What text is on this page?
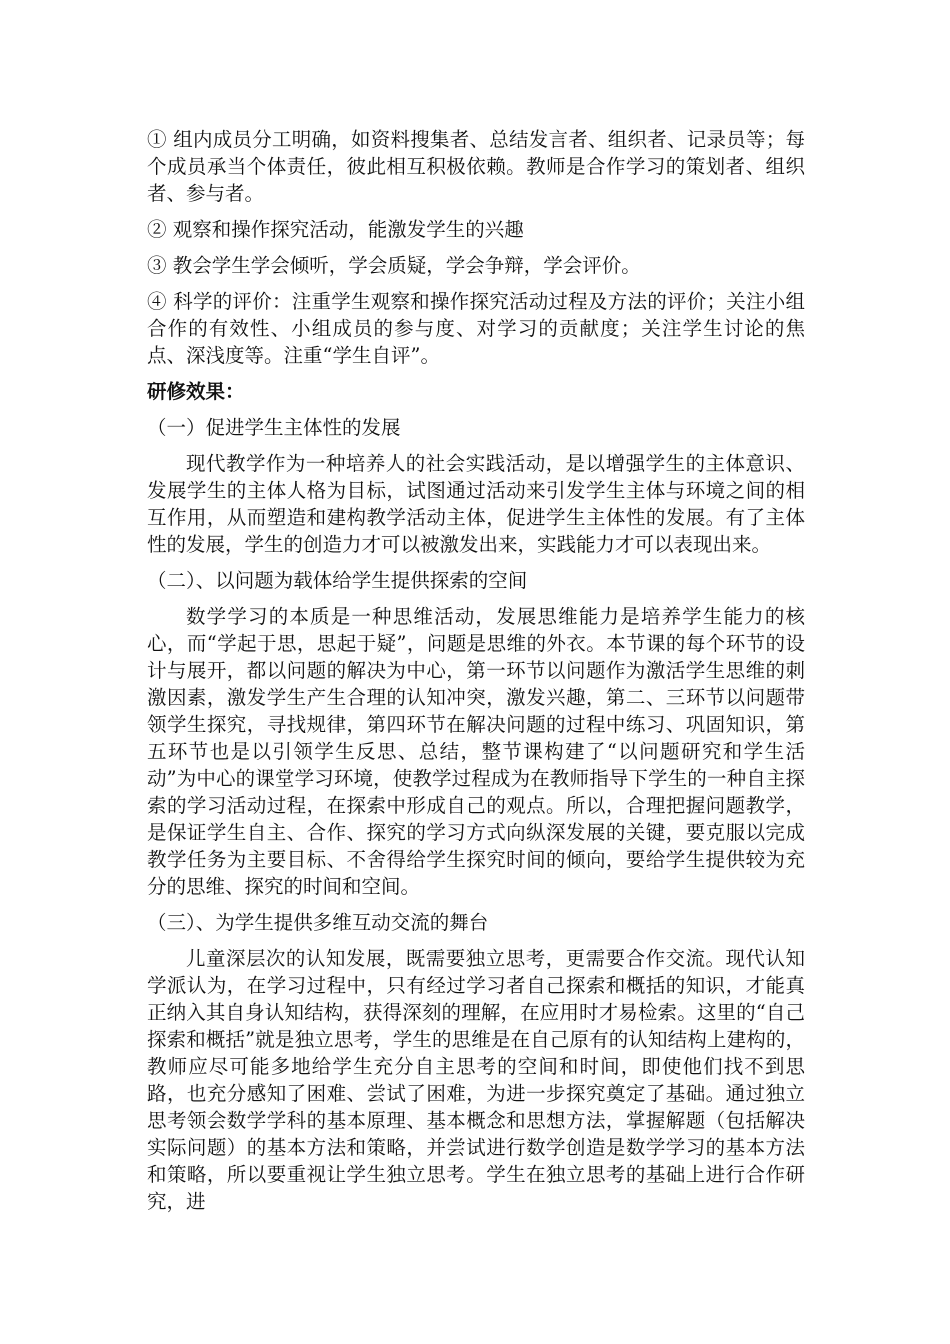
① 组内成员分工明确，如资料搜集者、总结发言者、组织者、记录员等；每个成员承当个体责任，彼此相互积极依赖。教师是合作学习的策划者、组织者、参与者。

② 观察和操作探究活动，能激发学生的兴趣

③ 教会学生学会倾听，学会质疑，学会争辩，学会评价。

④ 科学的评价：注重学生观察和操作探究活动过程及方法的评价；关注小组合作的有效性、小组成员的参与度、对学习的贡献度；关注学生讨论的焦点、深浅度等。注重“学生自评”。

研修效果：

（一）促进学生主体性的发展

现代教学作为一种培养人的社会实践活动，是以增强学生的主体意识、发展学生的主体人格为目标，试图通过活动来引发学生主体与环境之间的相互作用，从而塑造和建构教学活动主体，促进学生主体性的发展。有了主体性的发展，学生的创造力才可以被激发出来，实践能力才可以表现出来。

（二）、以问题为载体给学生提供探索的空间

数学学习的本质是一种思维活动，发展思维能力是培养学生能力的核心，而“学起于思，思起于疑”，问题是思维的外衣。本节课的每个环节的设计与展开，都以问题的解决为中心，第一环节以问题作为激活学生思维的刺激因素，激发学生产生合理的认知冲突，激发兴趣，第二、三环节以问题带领学生探究，寻找规律，第四环节在解决问题的过程中练习、巩固知识，第五环节也是以引领学生反思、总结，整节课构建了“以问题研究和学生活动”为中心的课堂学习环境，使教学过程成为在教师指导下学生的一种自主探索的学习活动过程，在探索中形成自己的观点。所以，合理把握问题教学，是保证学生自主、合作、探究的学习方式向纵深发展的关键，要克服以完成教学任务为主要目标、不舍得给学生探究时间的倾向，要给学生提供较为充分的思维、探究的时间和空间。

（三）、为学生提供多维互动交流的舞台

儿童深层次的认知发展，既需要独立思考，更需要合作交流。现代认知学派认为，在学习过程中，只有经过学习者自己探索和概括的知识，才能真正纳入其自身认知结构，获得深刻的理解，在应用时才易检索。这里的“自己探索和概括”就是独立思考，学生的思维是在自己原有的认知结构上建构的，教师应尽可能多地给学生充分自主思考的空间和时间，即使他们找不到思路，也充分感知了困难、尝试了困难，为进一步探究奠定了基础。通过独立思考领会数学学科的基本原理、基本概念和思想方法，掌握解题（包括解决实际问题）的基本方法和策略，并尝试进行数学创造是数学学习的基本方法和策略，所以要重视让学生独立思考。学生在独立思考的基础上进行合作研究，进
